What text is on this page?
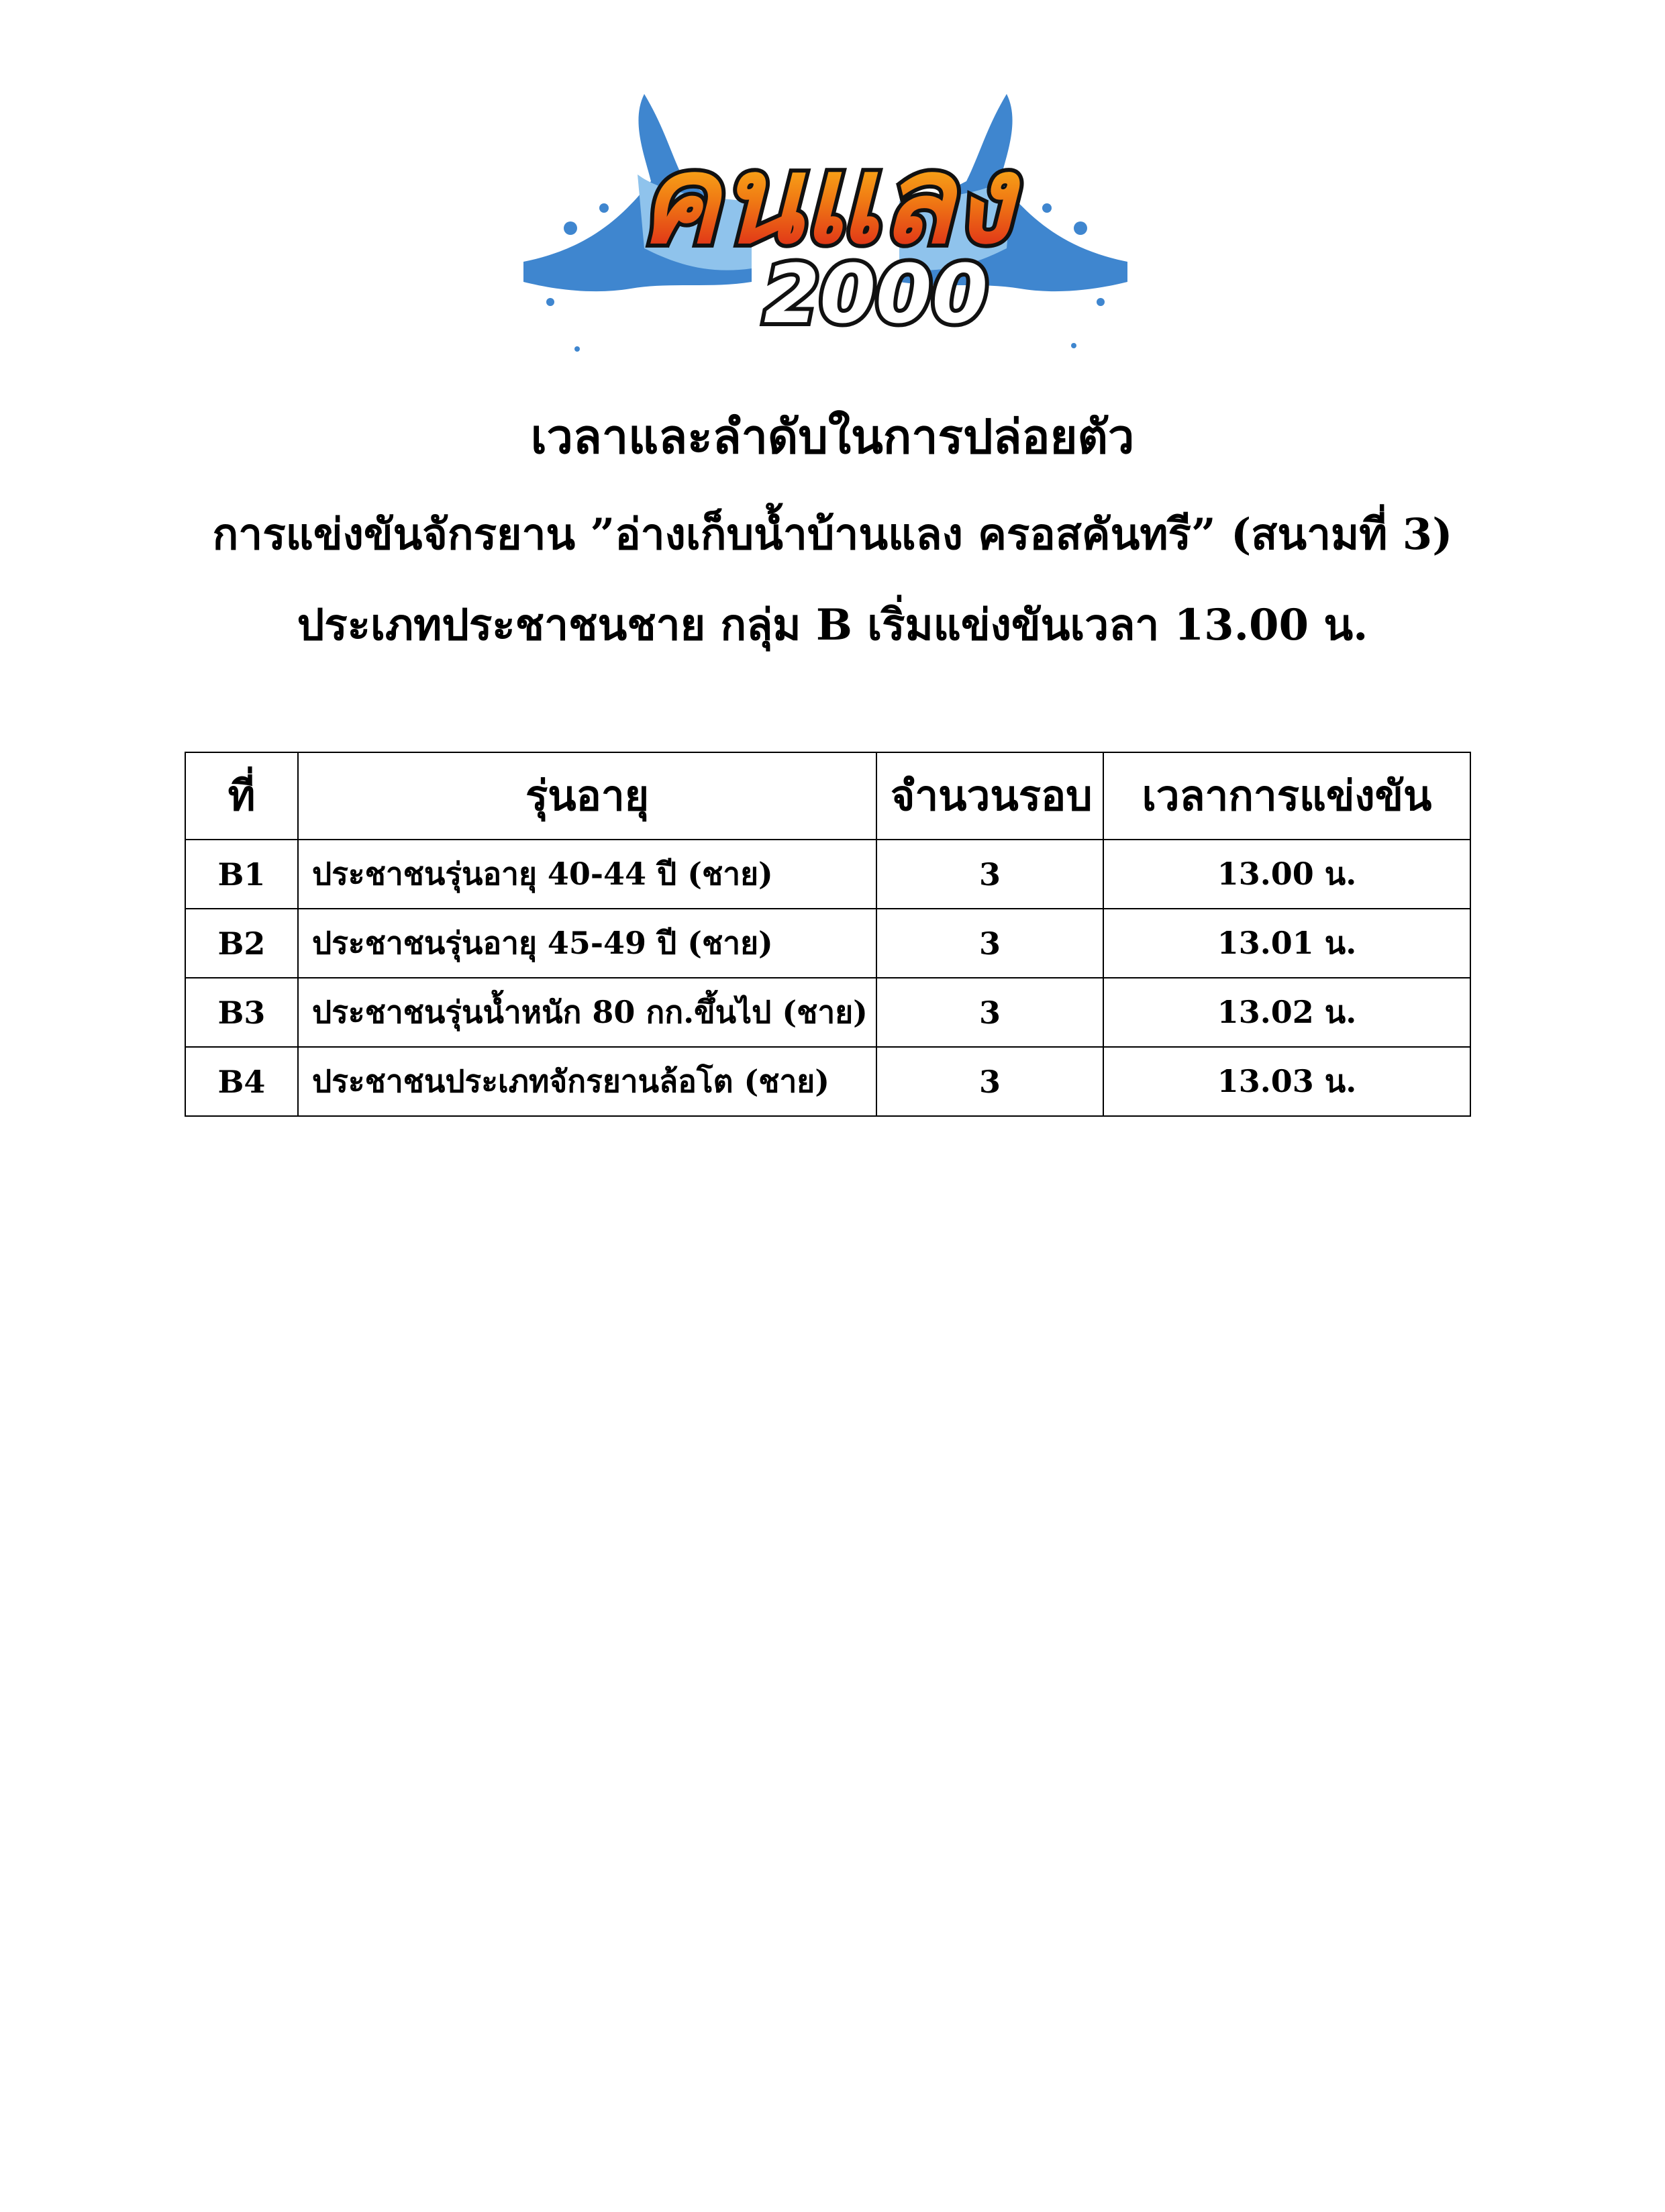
คนแลง
2000
เวลาและลำดับในการปล่อยตัว
การแข่งขันจักรยาน ”อ่างเก็บน้ำบ้านแลง ครอสคันทรี” (สนามที่ 3)
ประเภทประชาชนชาย กลุ่ม B เริ่มแข่งขันเวลา 13.00 น.
ที่	รุ่นอายุ	จำนวนรอบ	เวลาการแข่งขัน
B1	ประชาชนรุ่นอายุ 40-44 ปี (ชาย)	3	13.00 น.
B2	ประชาชนรุ่นอายุ 45-49 ปี (ชาย)	3	13.01 น.
B3	ประชาชนรุ่นน้ำหนัก 80 กก.ขึ้นไป (ชาย)	3	13.02 น.
B4	ประชาชนประเภทจักรยานล้อโต (ชาย)	3	13.03 น.
